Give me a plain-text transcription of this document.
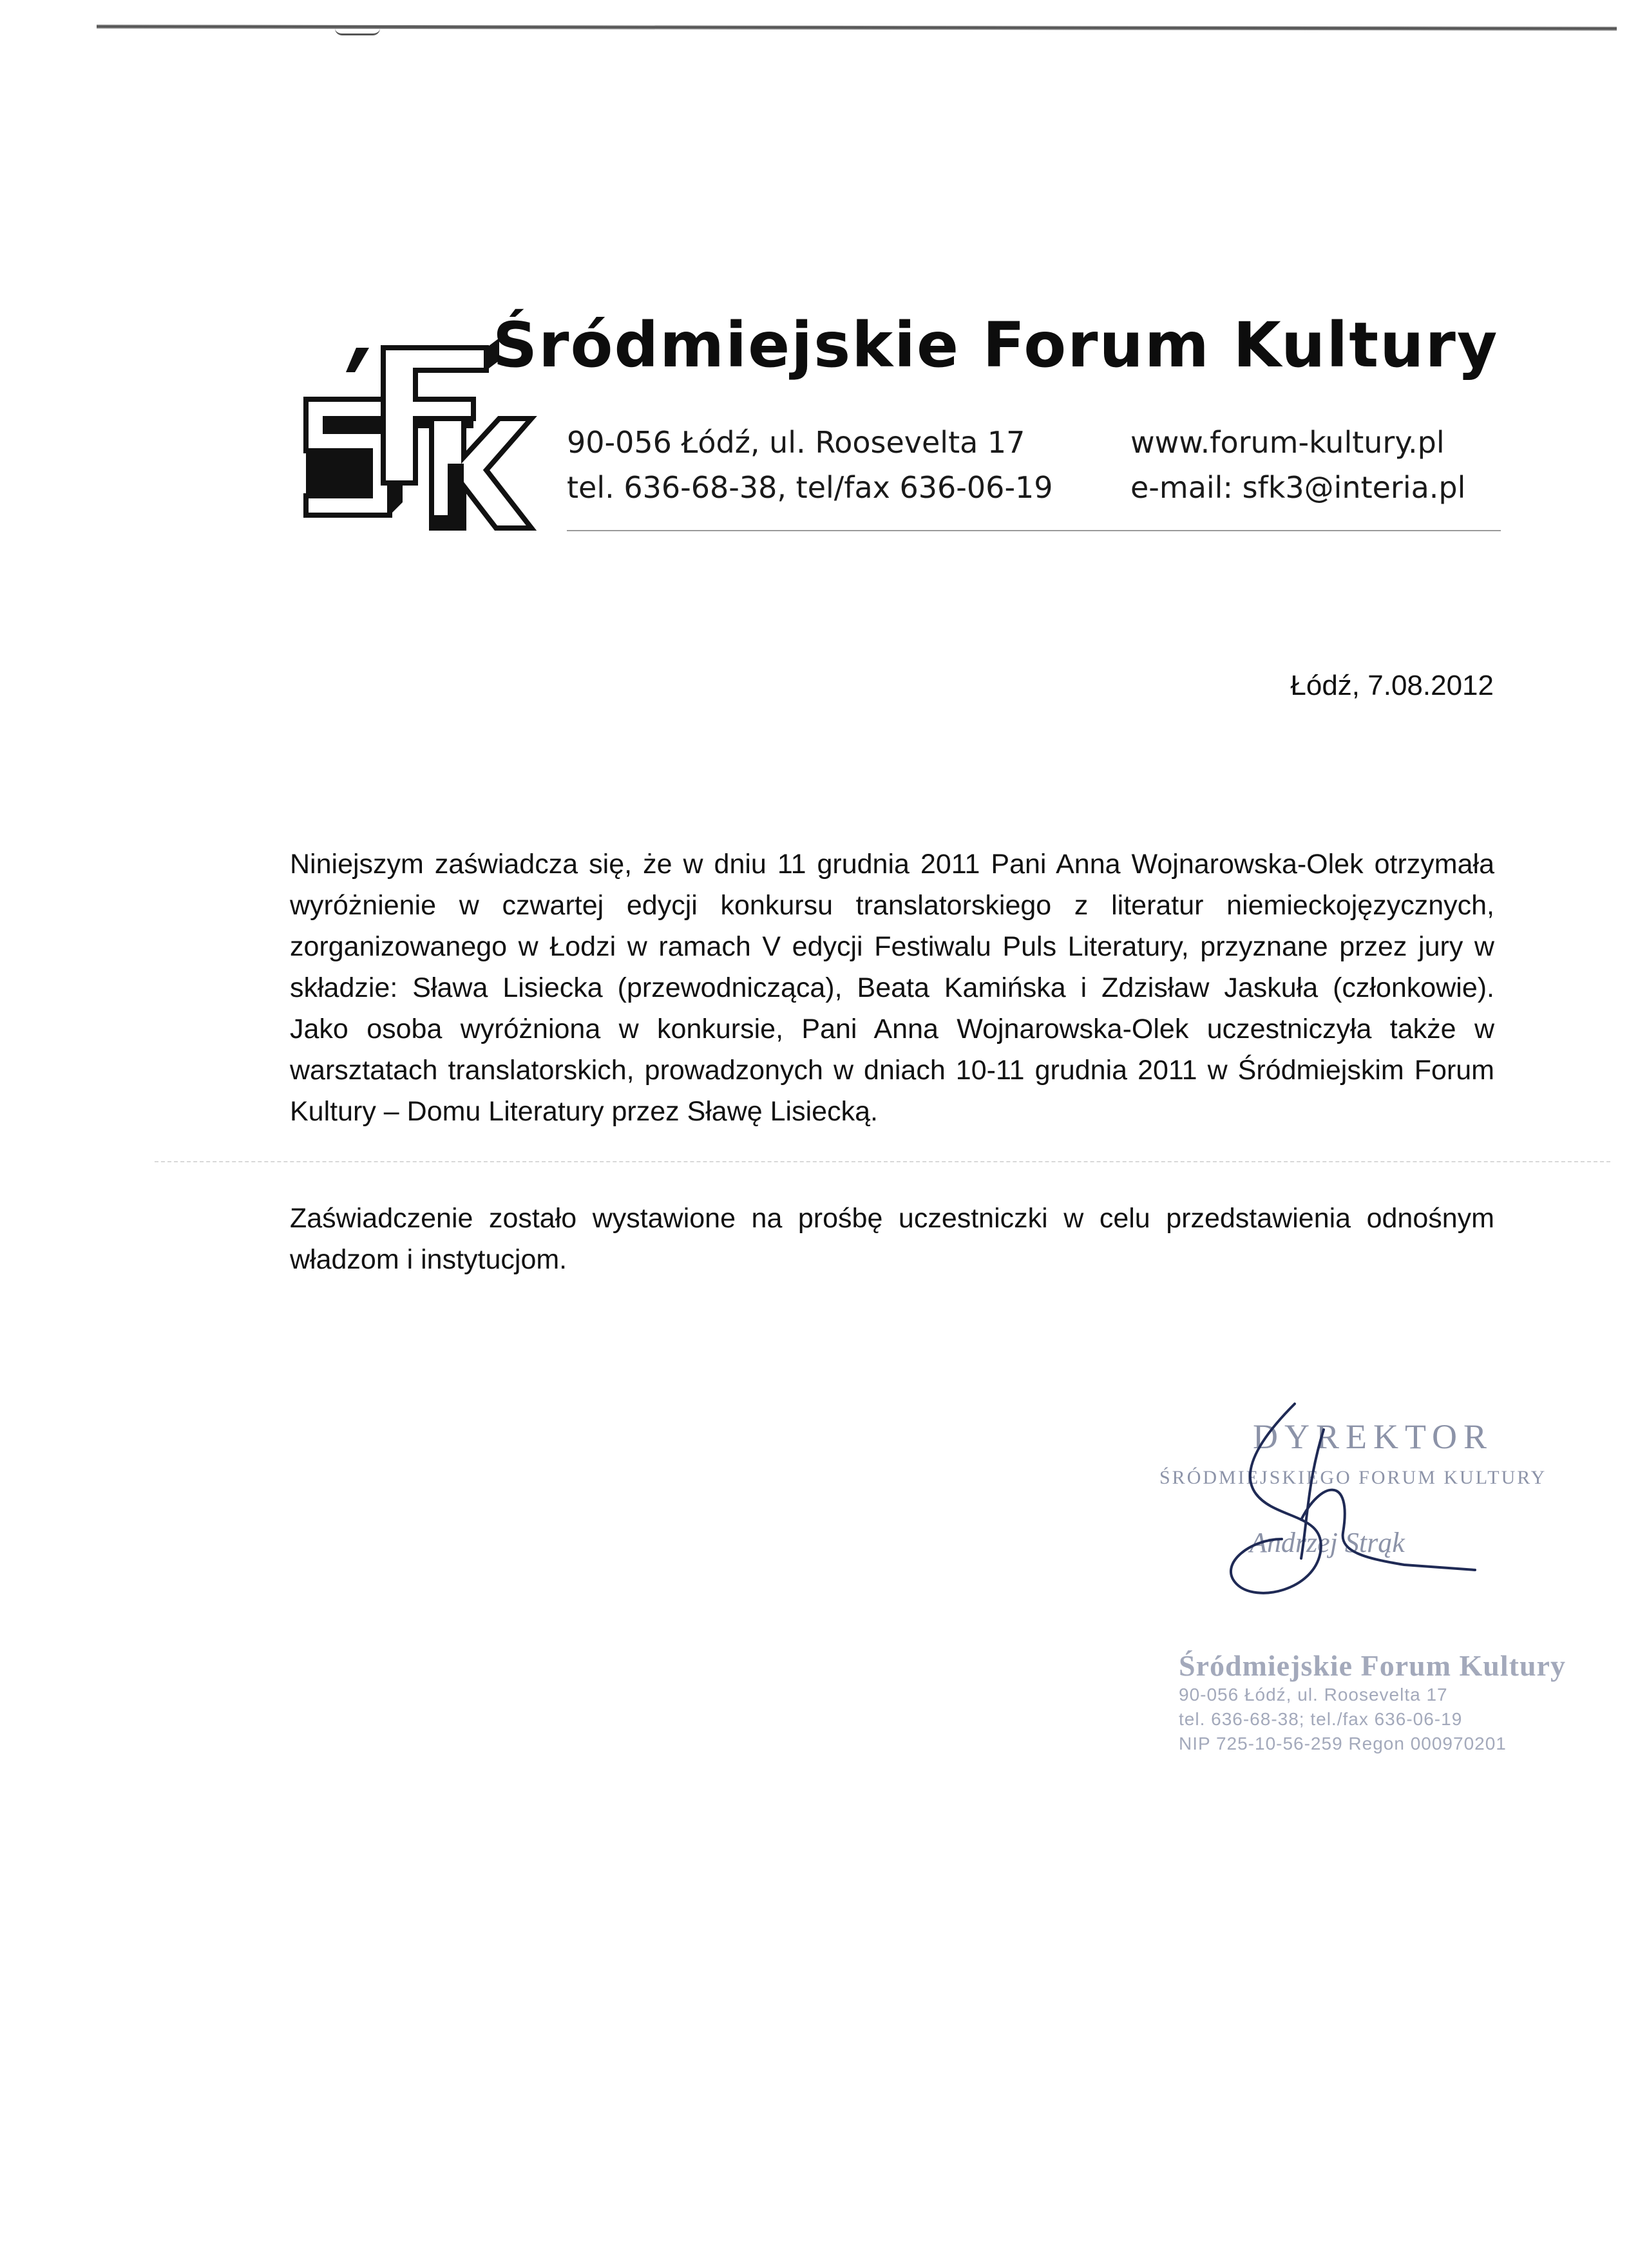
Śródmiejskie Forum Kultury
90-056 Łódź, ul. Roosevelta 17
tel. 636-68-38, tel/fax 636-06-19
www.forum-kultury.pl
e-mail: sfk3@interia.pl
Łódź, 7.08.2012

Niniejszym zaświadcza się, że w dniu 11 grudnia 2011 Pani Anna Wojnarowska-Olek otrzymała wyróżnienie w czwartej edycji konkursu translatorskiego z literatur niemieckojęzycznych, zorganizowanego w Łodzi w ramach V edycji Festiwalu Puls Literatury, przyznane przez jury w składzie: Sława Lisiecka (przewodnicząca), Beata Kamińska i Zdzisław Jaskuła (członkowie). Jako osoba wyróżniona w konkursie, Pani Anna Wojnarowska-Olek uczestniczyła także w warsztatach translatorskich, prowadzonych w dniach 10-11 grudnia 2011 w Śródmiejskim Forum Kultury – Domu Literatury przez Sławę Lisiecką.

Zaświadczenie zostało wystawione na prośbę uczestniczki w celu przedstawienia odnośnym władzom i instytucjom.

DYREKTOR
ŚRÓDMIEJSKIEGO FORUM KULTURY
Andrzej Strąk
Śródmiejskie Forum Kultury
90-056 Łódź, ul. Roosevelta 17
tel. 636-68-38; tel./fax 636-06-19
NIP 725-10-56-259 Regon 000970201
